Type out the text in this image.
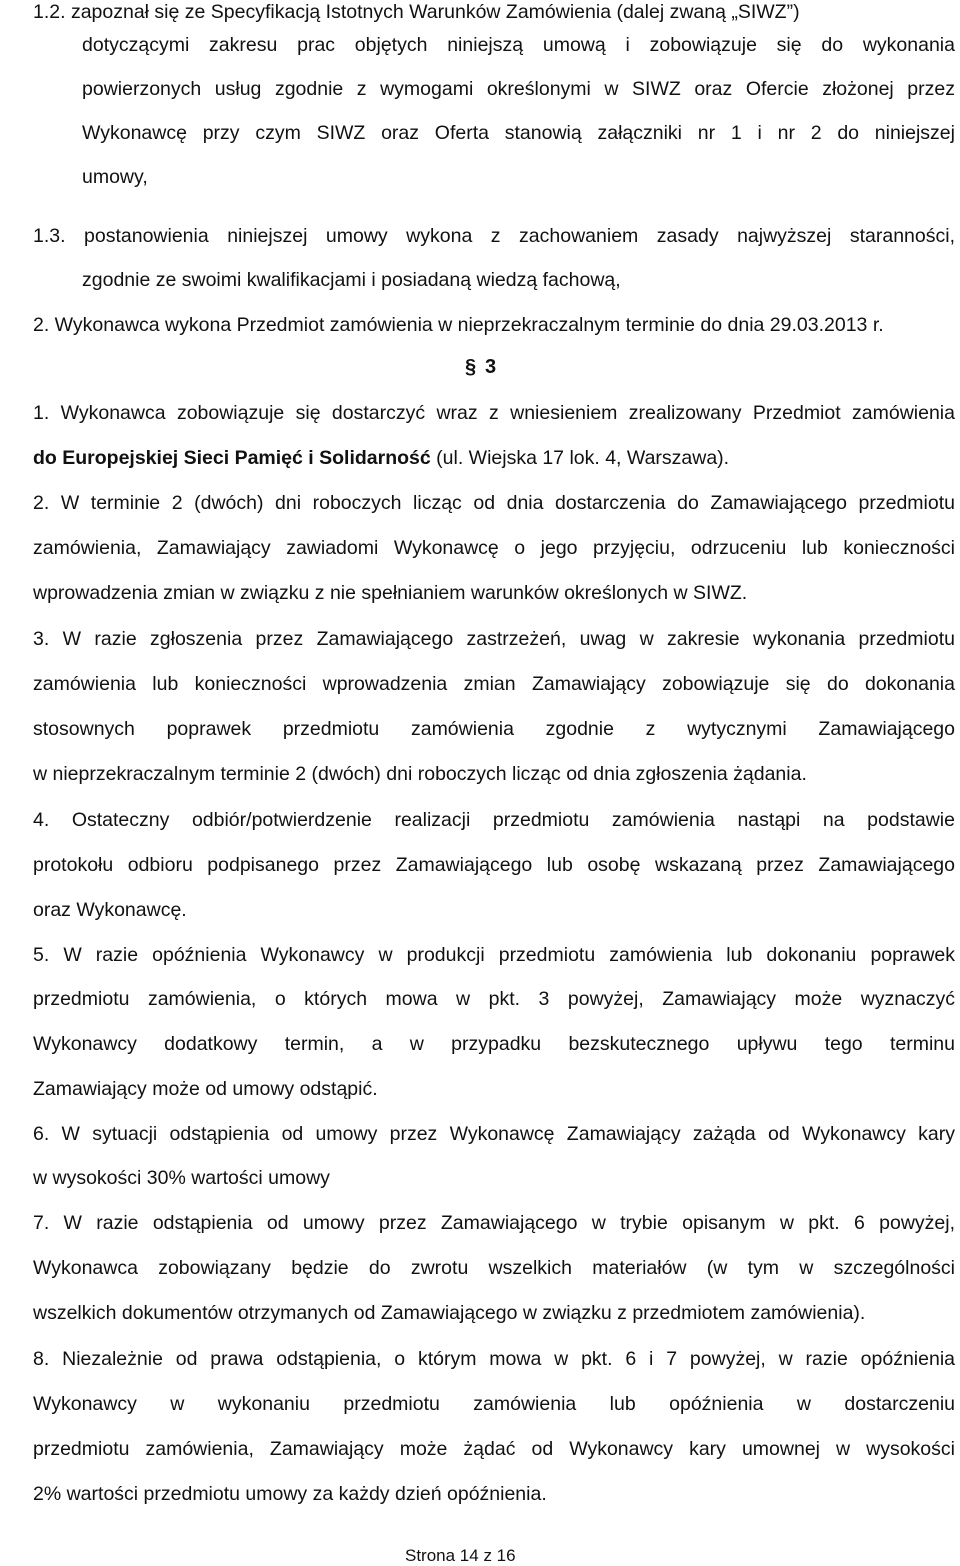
1.2. zapoznał się ze Specyfikacją Istotnych Warunków Zamówienia (dalej zwaną „SIWZ”)
dotyczącymi zakresu prac objętych niniejszą umową i zobowiązuje się do wykonania
powierzonych usług zgodnie z wymogami określonymi w SIWZ oraz Ofercie złożonej przez
Wykonawcę przy czym SIWZ oraz Oferta stanowią załączniki nr 1 i nr 2 do niniejszej
umowy,
1.3. postanowienia niniejszej umowy wykona z zachowaniem zasady najwyższej staranności,
zgodnie ze swoimi kwalifikacjami i posiadaną wiedzą fachową,
2. Wykonawca wykona Przedmiot zamówienia w nieprzekraczalnym terminie do dnia 29.03.2013 r.
§ 3
1. Wykonawca zobowiązuje się dostarczyć wraz z wniesieniem zrealizowany Przedmiot zamówienia
do Europejskiej Sieci Pamięć i Solidarność (ul. Wiejska 17 lok. 4, Warszawa).
2. W terminie 2 (dwóch) dni roboczych licząc od dnia dostarczenia do Zamawiającego przedmiotu
zamówienia, Zamawiający zawiadomi Wykonawcę o jego przyjęciu, odrzuceniu lub konieczności
wprowadzenia zmian w związku z nie spełnianiem warunków określonych w SIWZ.
3. W razie zgłoszenia przez Zamawiającego zastrzeżeń, uwag w zakresie wykonania przedmiotu
zamówienia lub konieczności wprowadzenia zmian Zamawiający zobowiązuje się do dokonania
stosownych poprawek przedmiotu zamówienia zgodnie z wytycznymi Zamawiającego
w nieprzekraczalnym terminie 2 (dwóch) dni roboczych licząc od dnia zgłoszenia żądania.
4. Ostateczny odbiór/potwierdzenie realizacji przedmiotu zamówienia nastąpi na podstawie
protokołu odbioru podpisanego przez Zamawiającego lub osobę wskazaną przez Zamawiającego
oraz Wykonawcę.
5. W razie opóźnienia Wykonawcy w produkcji przedmiotu zamówienia lub dokonaniu poprawek
przedmiotu zamówienia, o których mowa w pkt. 3 powyżej, Zamawiający może wyznaczyć
Wykonawcy dodatkowy termin, a w przypadku bezskutecznego upływu tego terminu
Zamawiający może od umowy odstąpić.
6. W sytuacji odstąpienia od umowy przez Wykonawcę Zamawiający zażąda od Wykonawcy kary
w wysokości 30% wartości umowy
7. W razie odstąpienia od umowy przez Zamawiającego w trybie opisanym w pkt. 6 powyżej,
Wykonawca zobowiązany będzie do zwrotu wszelkich materiałów (w tym w szczególności
wszelkich dokumentów otrzymanych od Zamawiającego w związku z przedmiotem zamówienia).
8. Niezależnie od prawa odstąpienia, o którym mowa w pkt. 6 i 7 powyżej, w razie opóźnienia
Wykonawcy w wykonaniu przedmiotu zamówienia lub opóźnienia w dostarczeniu
przedmiotu zamówienia, Zamawiający może żądać od Wykonawcy kary umownej w wysokości
2% wartości przedmiotu umowy za każdy dzień opóźnienia.
Strona 14 z 16
